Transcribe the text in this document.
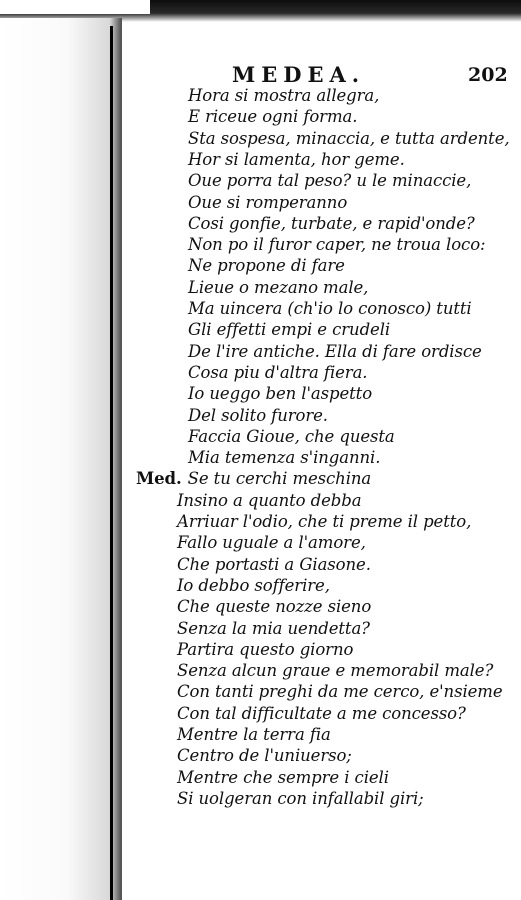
MEDEA.	202
Hora si mostra allegra,
E riceue ogni forma.
Sta sospesa, minaccia, e tutta ardente,
Hor si lamenta, hor geme.
Oue porra tal peso? u le minaccie,
Oue si romperanno
Cosi gonfie, turbate, e rapid'onde?
Non po il furor caper, ne troua loco:
Ne propone di fare
Lieue o mezano male,
Ma uincera (ch'io lo conosco) tutti
Gli effetti empi e crudeli
De l'ire antiche. Ella di fare ordisce
Cosa piu d'altra fiera.
Io ueggo ben l'aspetto
Del solito furore.
Faccia Gioue, che questa
Mia temenza s'inganni.
Med. Se tu cerchi meschina
Insino a quanto debba
Arriuar l'odio, che ti preme il petto,
Fallo uguale a l'amore,
Che portasti a Giasone.
Io debbo sofferire,
Che queste nozze sieno
Senza la mia uendetta?
Partira questo giorno
Senza alcun graue e memorabil male?
Con tanti preghi da me cerco, e'nsieme
Con tal difficultate a me concesso?
Mentre la terra fia
Centro de l'uniuerso;
Mentre che sempre i cieli
Si uolgeran con infallabil giri;
